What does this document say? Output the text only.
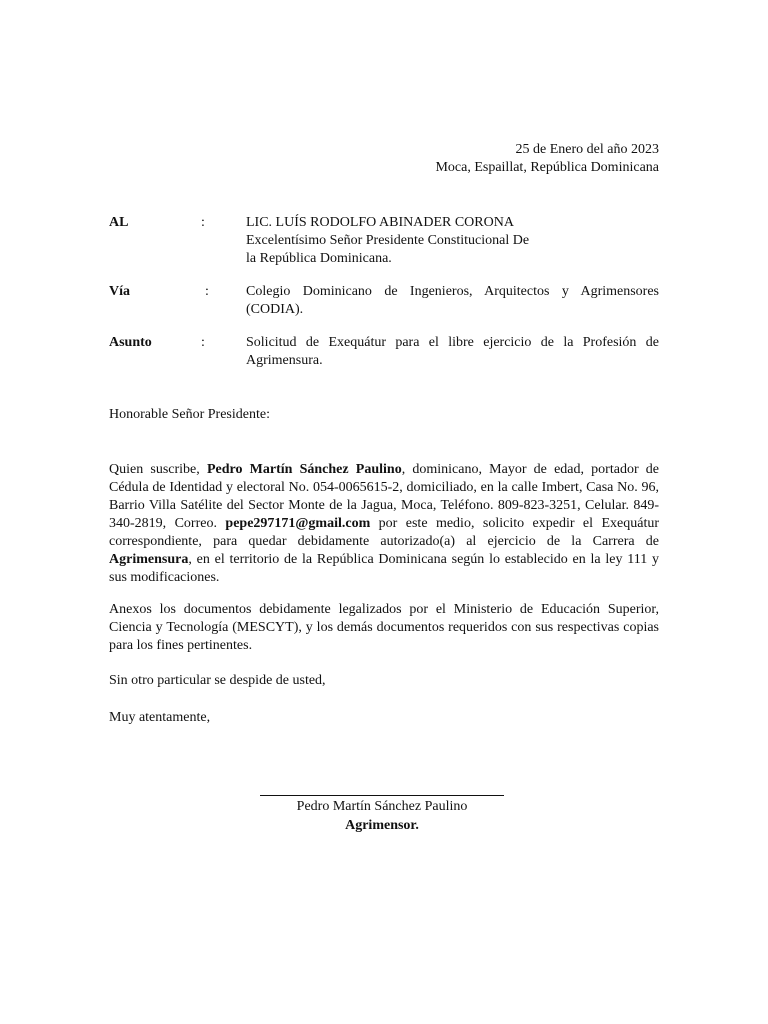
25 de Enero del año 2023
Moca, Espaillat, República Dominicana
AL	:	LIC. LUÍS RODOLFO ABINADER CORONA
Excelentísimo Señor Presidente Constitucional De
la República Dominicana.
Vía	:	Colegio Dominicano de Ingenieros, Arquitectos y Agrimensores (CODIA).
Asunto	:	Solicitud de Exequátur para el libre ejercicio de la Profesión de Agrimensura.
Honorable Señor Presidente:
Quien suscribe, Pedro Martín Sánchez Paulino, dominicano, Mayor de edad, portador de Cédula de Identidad y electoral No. 054-0065615-2, domiciliado, en la calle Imbert, Casa No. 96, Barrio Villa Satélite del Sector Monte de la Jagua, Moca, Teléfono. 809-823-3251, Celular. 849-340-2819, Correo. pepe297171@gmail.com por este medio, solicito expedir el Exequátur correspondiente, para quedar debidamente autorizado(a) al ejercicio de la Carrera de Agrimensura, en el territorio de la República Dominicana según lo establecido en la ley 111 y sus modificaciones.
Anexos los documentos debidamente legalizados por el Ministerio de Educación Superior, Ciencia y Tecnología (MESCYT), y los demás documentos requeridos con sus respectivas copias para los fines pertinentes.
Sin otro particular se despide de usted,
Muy atentamente,
Pedro Martín Sánchez Paulino
Agrimensor.
